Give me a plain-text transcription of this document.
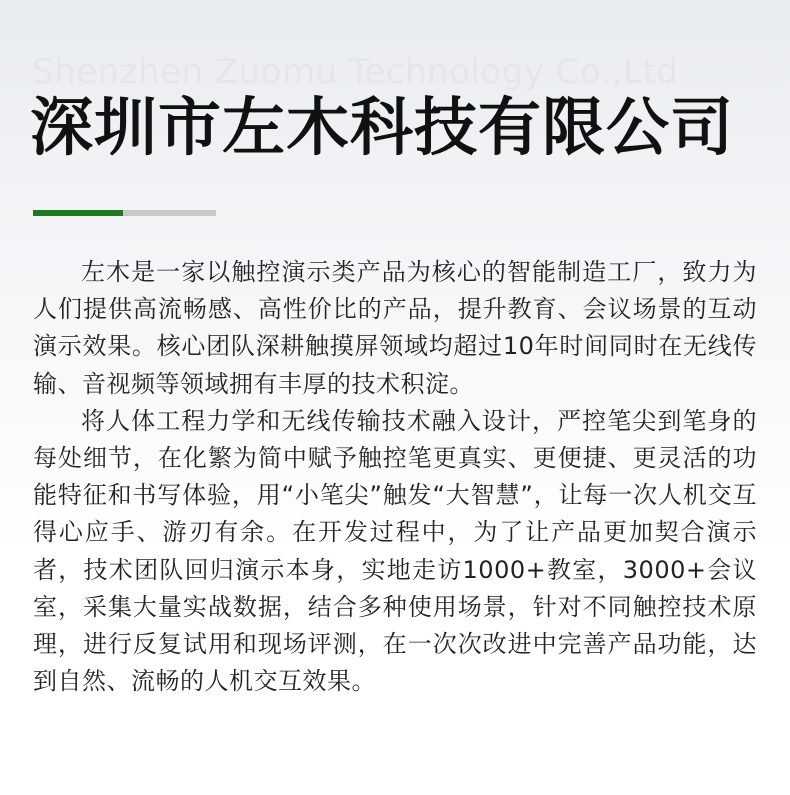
Shenzhen Zuomu Technology Co.,Ltd
深圳市左木科技有限公司

左木是一家以触控演示类产品为核心的智能制造工厂，致力为人们提供高流畅感、高性价比的产品，提升教育、会议场景的互动演示效果。核心团队深耕触摸屏领域均超过10年时间同时在无线传输、音视频等领域拥有丰厚的技术积淀。

将人体工程力学和无线传输技术融入设计，严控笔尖到笔身的每处细节，在化繁为简中赋予触控笔更真实、更便捷、更灵活的功能特征和书写体验，用“小笔尖”触发“大智慧”，让每一次人机交互得心应手、游刃有余。在开发过程中，为了让产品更加契合演示者，技术团队回归演示本身，实地走访1000+教室，3000+会议室，采集大量实战数据，结合多种使用场景，针对不同触控技术原理，进行反复试用和现场评测，在一次次改进中完善产品功能，达到自然、流畅的人机交互效果。
